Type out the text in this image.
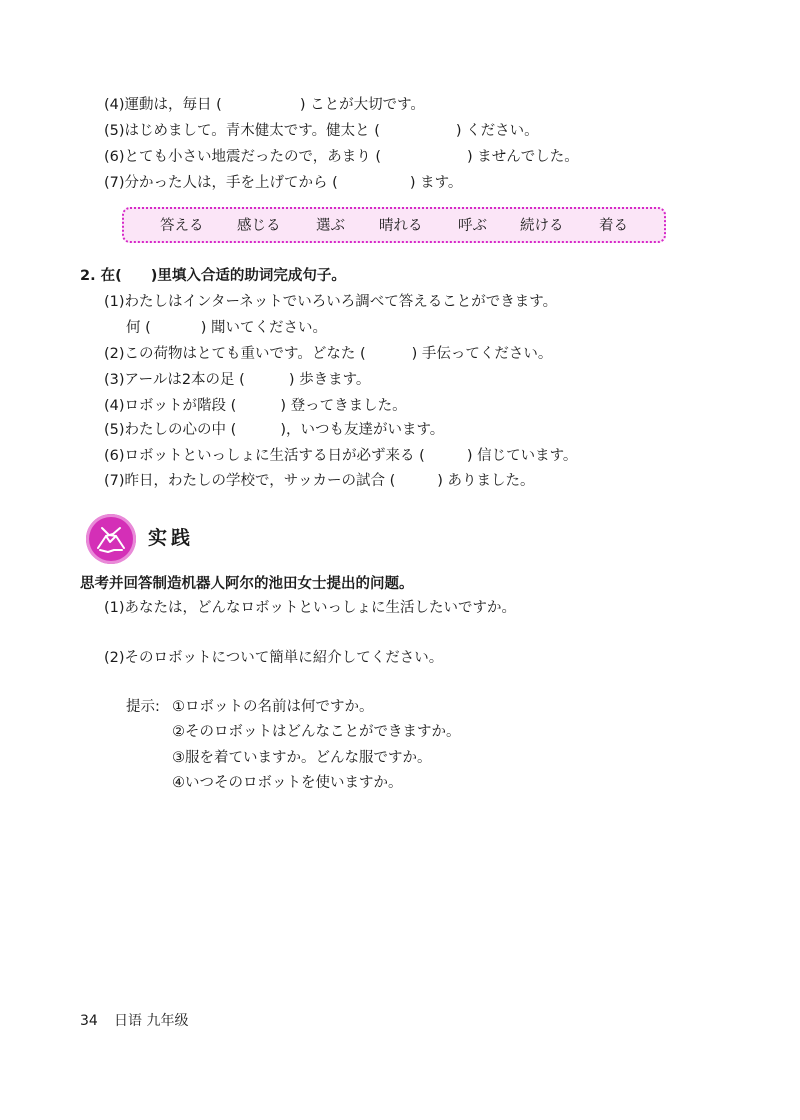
(4)運動は，毎日 (	) ことが大切です。
(5)はじめまして。青木健太です。健太と (	) ください。
(6)とても小さい地震だったので，あまり (	) ませんでした。
(7)分かった人は，手を上げてから (	) ます。
答える 感じる 選ぶ 晴れる 呼ぶ 続ける 着る
2. 在(　　)里填入合适的助词完成句子。
(1)わたしはインターネットでいろいろ調べて答えることができます。
何 (	) 聞いてください。
(2)この荷物はとても重いです。どなた (	) 手伝ってください。
(3)アールは2本の足 (	) 歩きます。
(4)ロボットが階段 (	) 登ってきました。
(5)わたしの心の中 (	)，いつも友達がいます。
(6)ロボットといっしょに生活する日が必ず来る (	) 信じています。
(7)昨日，わたしの学校で，サッカーの試合 (	) ありました。
实践
思考并回答制造机器人阿尔的池田女士提出的问题。
(1)あなたは，どんなロボットといっしょに生活したいですか。
(2)そのロボットについて簡単に紹介してください。
提示: ①ロボットの名前は何ですか。
②そのロボットはどんなことができますか。
③服を着ていますか。どんな服ですか。
④いつそのロボットを使いますか。
34 日语 九年级
